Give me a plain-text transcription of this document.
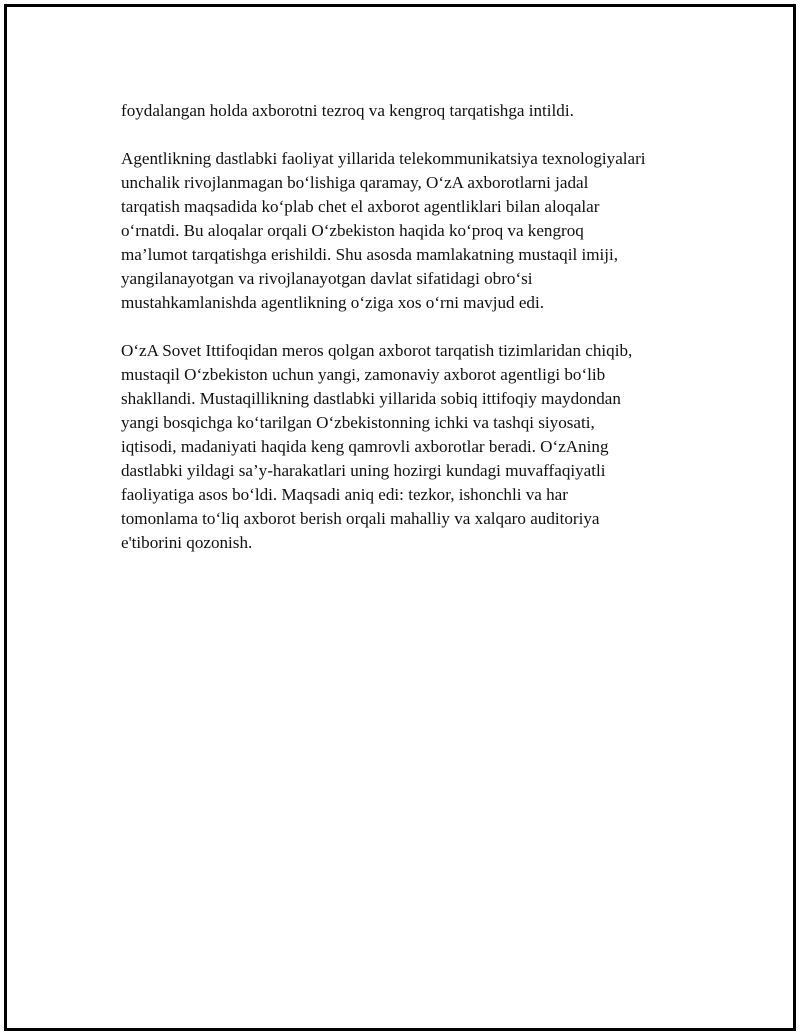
foydalangan holda axborotni tezroq va kengroq tarqatishga intildi.

Agentlikning dastlabki faoliyat yillarida telekommunikatsiya texnologiyalari
unchalik rivojlanmagan bo‘lishiga qaramay, O‘zA axborotlarni jadal
tarqatish maqsadida ko‘plab chet el axborot agentliklari bilan aloqalar
o‘rnatdi. Bu aloqalar orqali O‘zbekiston haqida ko‘proq va kengroq
ma’lumot tarqatishga erishildi. Shu asosda mamlakatning mustaqil imiji,
yangilanayotgan va rivojlanayotgan davlat sifatidagi obro‘si
mustahkamlanishda agentlikning o‘ziga xos o‘rni mavjud edi.

O‘zA Sovet Ittifoqidan meros qolgan axborot tarqatish tizimlaridan chiqib,
mustaqil O‘zbekiston uchun yangi, zamonaviy axborot agentligi bo‘lib
shakllandi. Mustaqillikning dastlabki yillarida sobiq ittifoqiy maydondan
yangi bosqichga ko‘tarilgan O‘zbekistonning ichki va tashqi siyosati,
iqtisodi, madaniyati haqida keng qamrovli axborotlar beradi. O‘zAning
dastlabki yildagi sa’y-harakatlari uning hozirgi kundagi muvaffaqiyatli
faoliyatiga asos bo‘ldi. Maqsadi aniq edi: tezkor, ishonchli va har
tomonlama to‘liq axborot berish orqali mahalliy va xalqaro auditoriya
e'tiborini qozonish.
